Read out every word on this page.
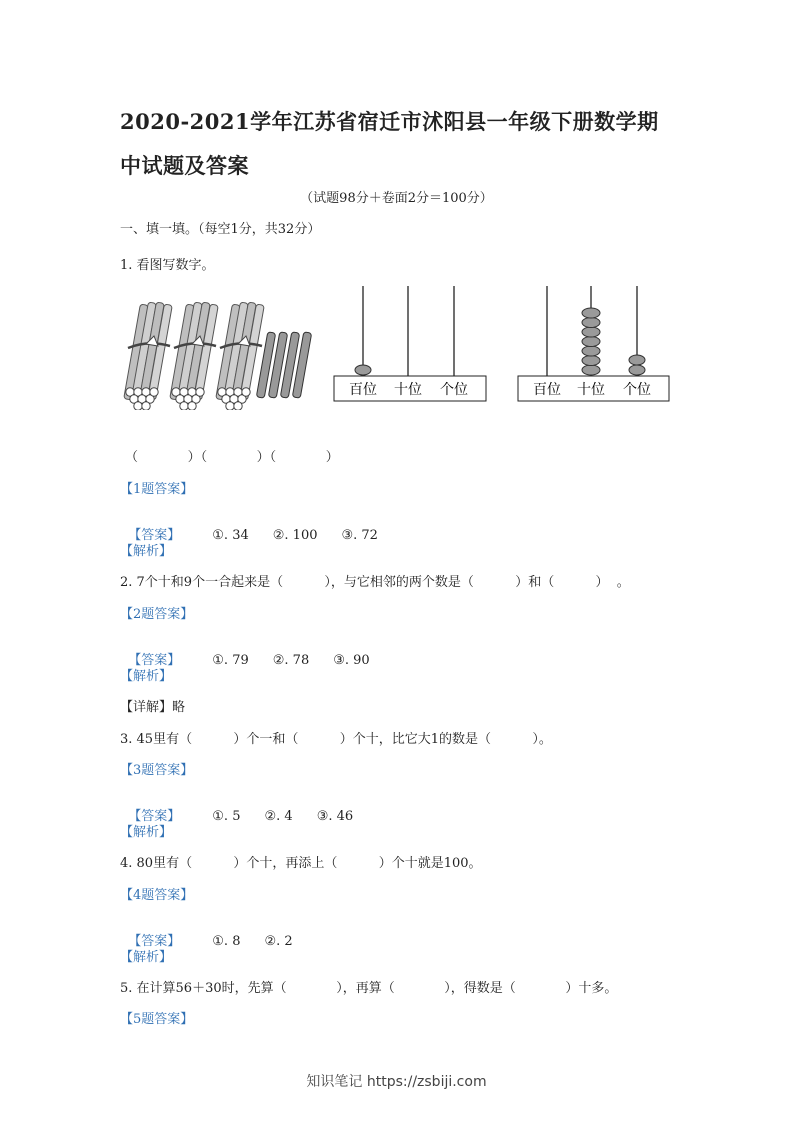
2020-2021学年江苏省宿迁市沭阳县一年级下册数学期中试题及答案
（试题98分＋卷面2分＝100分）
一、填一填。（每空1分，共32分）
1. 看图写数字。
百位 十位 个位	百位 十位 个位
（            ）（            ）（            ）
【1题答案】

【答案】 ①. 34 ②. 100 ③. 72

【解析】
2. 7个十和9个一合起来是（          ），与它相邻的两个数是（          ）和（          ）  。
【2题答案】

【答案】 ①. 79 ②. 78 ③. 90

【解析】
【详解】略
3. 45里有（          ）个一和（          ）个十，比它大1的数是（          ）。
【3题答案】

【答案】 ①. 5 ②. 4 ③. 46

【解析】
4. 80里有（          ）个十，再添上（          ）个十就是100。
【4题答案】

【答案】 ①. 8 ②. 2

【解析】
5. 在计算56＋30时，先算（            ），再算（            ），得数是（            ）十多。
【5题答案】
知识笔记 https://zsbiji.com
